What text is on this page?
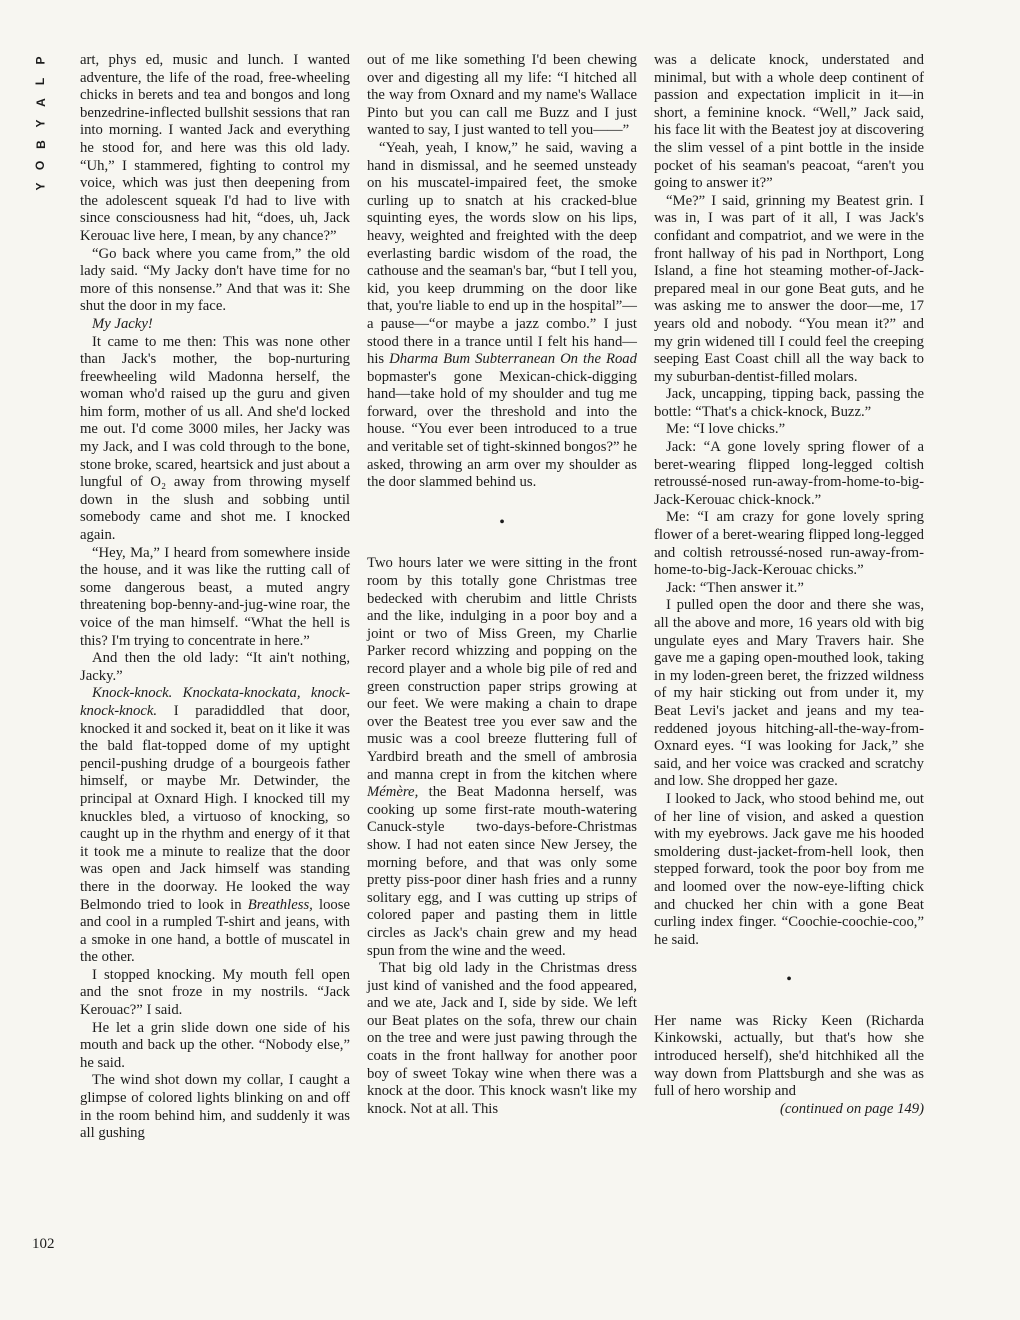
P
L
A
Y
B
O
Y
102

art, phys ed, music and lunch. I wanted adventure, the life of the road, free-wheeling chicks in berets and tea and bongos and long benzedrine-inflected bullshit sessions that ran into morning. I wanted Jack and everything he stood for, and here was this old lady. “Uh,” I stammered, fighting to control my voice, which was just then deepening from the adolescent squeak I'd had to live with since consciousness had hit, “does, uh, Jack Kerouac live here, I mean, by any chance?”

“Go back where you came from,” the old lady said. “My Jacky don't have time for no more of this nonsense.” And that was it: She shut the door in my face.

My Jacky!

It came to me then: This was none other than Jack's mother, the bop-nurturing freewheeling wild Madonna herself, the woman who'd raised up the guru and given him form, mother of us all. And she'd locked me out. I'd come 3000 miles, her Jacky was my Jack, and I was cold through to the bone, stone broke, scared, heartsick and just about a lungful of O₂ away from throwing myself down in the slush and sobbing until somebody came and shot me. I knocked again.

“Hey, Ma,” I heard from somewhere inside the house, and it was like the rutting call of some dangerous beast, a muted angry threatening bop-benny-and-jug-wine roar, the voice of the man himself. “What the hell is this? I'm trying to concentrate in here.”

And then the old lady: “It ain't nothing, Jacky.”

Knock-knock. Knockata-knockata, knock-knock-knock. I paradiddled that door, knocked it and socked it, beat on it like it was the bald flat-topped dome of my uptight pencil-pushing drudge of a bourgeois father himself, or maybe Mr. Detwinder, the principal at Oxnard High. I knocked till my knuckles bled, a virtuoso of knocking, so caught up in the rhythm and energy of it that it took me a minute to realize that the door was open and Jack himself was standing there in the doorway. He looked the way Belmondo tried to look in Breathless, loose and cool in a rumpled T-shirt and jeans, with a smoke in one hand, a bottle of muscatel in the other.

I stopped knocking. My mouth fell open and the snot froze in my nostrils. “Jack Kerouac?” I said.

He let a grin slide down one side of his mouth and back up the other. “Nobody else,” he said.

The wind shot down my collar, I caught a glimpse of colored lights blinking on and off in the room behind him, and suddenly it was all gushing

out of me like something I'd been chewing over and digesting all my life: “I hitched all the way from Oxnard and my name's Wallace Pinto but you can call me Buzz and I just wanted to say, I just wanted to tell you——”

“Yeah, yeah, I know,” he said, waving a hand in dismissal, and he seemed unsteady on his muscatel-impaired feet, the smoke curling up to snatch at his cracked-blue squinting eyes, the words slow on his lips, heavy, weighted and freighted with the deep everlasting bardic wisdom of the road, the cathouse and the seaman's bar, “but I tell you, kid, you keep drumming on the door like that, you're liable to end up in the hospital”—a pause—“or maybe a jazz combo.” I just stood there in a trance until I felt his hand—his Dharma Bum Subterranean On the Road bopmaster's gone Mexican-chick-digging hand—take hold of my shoulder and tug me forward, over the threshold and into the house. “You ever been introduced to a true and veritable set of tight-skinned bongos?” he asked, throwing an arm over my shoulder as the door slammed behind us.

•

Two hours later we were sitting in the front room by this totally gone Christmas tree bedecked with cherubim and little Christs and the like, indulging in a poor boy and a joint or two of Miss Green, my Charlie Parker record whizzing and popping on the record player and a whole big pile of red and green construction paper strips growing at our feet. We were making a chain to drape over the Beatest tree you ever saw and the music was a cool breeze fluttering full of Yardbird breath and the smell of ambrosia and manna crept in from the kitchen where Mémère, the Beat Madonna herself, was cooking up some first-rate mouth-watering Canuck-style two-days-before-Christmas show. I had not eaten since New Jersey, the morning before, and that was only some pretty piss-poor diner hash fries and a runny solitary egg, and I was cutting up strips of colored paper and pasting them in little circles as Jack's chain grew and my head spun from the wine and the weed.

That big old lady in the Christmas dress just kind of vanished and the food appeared, and we ate, Jack and I, side by side. We left our Beat plates on the sofa, threw our chain on the tree and were just pawing through the coats in the front hallway for another poor boy of sweet Tokay wine when there was a knock at the door. This knock wasn't like my knock. Not at all. This

was a delicate knock, understated and minimal, but with a whole deep continent of passion and expectation implicit in it—in short, a feminine knock. “Well,” Jack said, his face lit with the Beatest joy at discovering the slim vessel of a pint bottle in the inside pocket of his seaman's peacoat, “aren't you going to answer it?”

“Me?” I said, grinning my Beatest grin. I was in, I was part of it all, I was Jack's confidant and compatriot, and we were in the front hallway of his pad in Northport, Long Island, a fine hot steaming mother-of-Jack-prepared meal in our gone Beat guts, and he was asking me to answer the door—me, 17 years old and nobody. “You mean it?” and my grin widened till I could feel the creeping seeping East Coast chill all the way back to my suburban-dentist-filled molars.

Jack, uncapping, tipping back, passing the bottle: “That's a chick-knock, Buzz.”

Me: “I love chicks.”

Jack: “A gone lovely spring flower of a beret-wearing flipped long-legged coltish retroussé-nosed run-away-from-home-to-big-Jack-Kerouac chick-knock.”

Me: “I am crazy for gone lovely spring flower of a beret-wearing flipped long-legged and coltish retroussé-nosed run-away-from-home-to-big-Jack-Kerouac chicks.”

Jack: “Then answer it.”

I pulled open the door and there she was, all the above and more, 16 years old with big ungulate eyes and Mary Travers hair. She gave me a gaping open-mouthed look, taking in my loden-green beret, the frizzed wildness of my hair sticking out from under it, my Beat Levi's jacket and jeans and my tea-reddened joyous hitching-all-the-way-from-Oxnard eyes. “I was looking for Jack,” she said, and her voice was cracked and scratchy and low. She dropped her gaze.

I looked to Jack, who stood behind me, out of her line of vision, and asked a question with my eyebrows. Jack gave me his hooded smoldering dust-jacket-from-hell look, then stepped forward, took the poor boy from me and loomed over the now-eye-lifting chick and chucked her chin with a gone Beat curling index finger. “Coochie-coochie-coo,” he said.

•

Her name was Ricky Keen (Richarda Kinkowski, actually, but that's how she introduced herself), she'd hitchhiked all the way down from Plattsburgh and she was as full of hero worship and

(continued on page 149)
